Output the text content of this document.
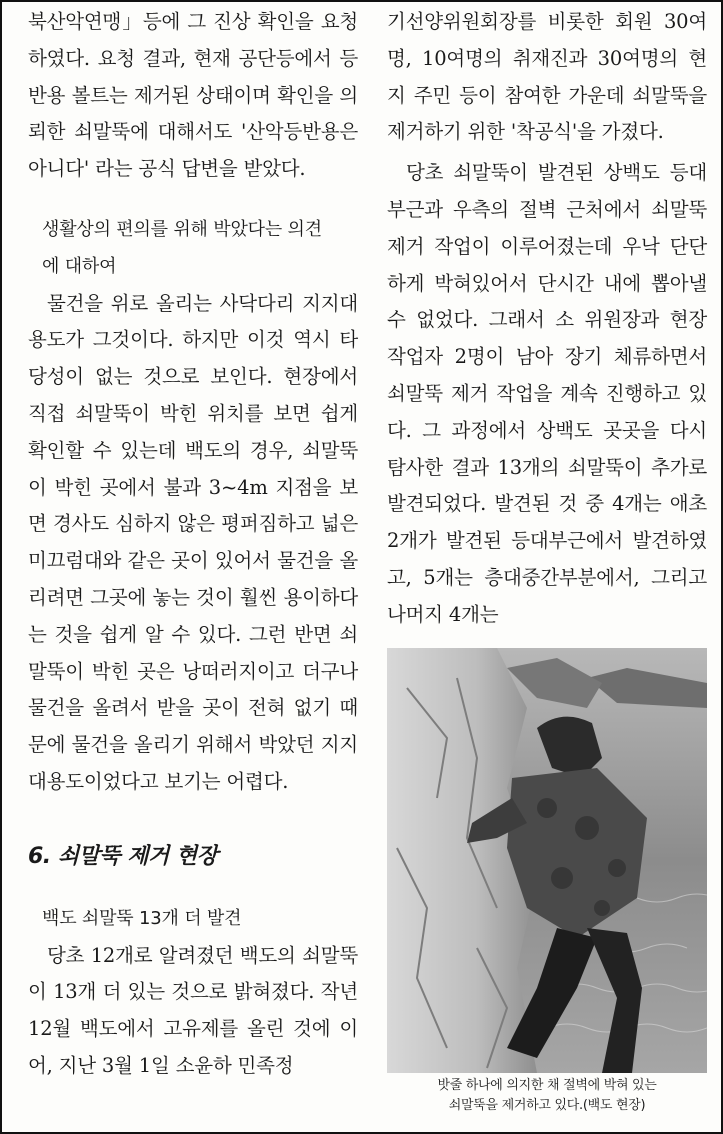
북산악연맹」등에 그 진상 확인을 요청하였다. 요청 결과, 현재 공단등에서 등반용 볼트는 제거된 상태이며 확인을 의뢰한 쇠말뚝에 대해서도 '산악등반용은 아니다' 라는 공식 답변을 받았다.

생활상의 편의를 위해 박았다는 의견

에 대하여

물건을 위로 올리는 사닥다리 지지대용도가 그것이다. 하지만 이것 역시 타당성이 없는 것으로 보인다. 현장에서 직접 쇠말뚝이 박힌 위치를 보면 쉽게 확인할 수 있는데 백도의 경우, 쇠말뚝이 박힌 곳에서 불과 3~4m 지점을 보면 경사도 심하지 않은 평퍼짐하고 넓은 미끄럼대와 같은 곳이 있어서 물건을 올리려면 그곳에 놓는 것이 훨씬 용이하다는 것을 쉽게 알 수 있다. 그런 반면 쇠말뚝이 박힌 곳은 낭떠러지이고 더구나 물건을 올려서 받을 곳이 전혀 없기 때문에 물건을 올리기 위해서 박았던 지지대용도이었다고 보기는 어렵다.

6. 쇠말뚝 제거 현장

백도 쇠말뚝 13개 더 발견

당초 12개로 알려졌던 백도의 쇠말뚝이 13개 더 있는 것으로 밝혀졌다. 작년 12월 백도에서 고유제를 올린 것에 이어, 지난 3월 1일 소윤하 민족정

기선양위원회장를 비롯한 회원 30여명, 10여명의 취재진과 30여명의 현지 주민 등이 참여한 가운데 쇠말뚝을 제거하기 위한 '착공식'을 가졌다.

당초 쇠말뚝이 발견된 상백도 등대부근과 우측의 절벽 근처에서 쇠말뚝 제거 작업이 이루어졌는데 우낙 단단하게 박혀있어서 단시간 내에 뽑아낼 수 없었다. 그래서 소 위원장과 현장 작업자 2명이 남아 장기 체류하면서 쇠말뚝 제거 작업을 계속 진행하고 있다. 그 과정에서 상백도 곳곳을 다시 탐사한 결과 13개의 쇠말뚝이 추가로 발견되었다. 발견된 것 중 4개는 애초 2개가 발견된 등대부근에서 발견하였고, 5개는 층대중간부분에서, 그리고 나머지 4개는

밧줄 하나에 의지한 채 절벽에 박혀 있는
쇠말뚝을 제거하고 있다.(백도 현장)
